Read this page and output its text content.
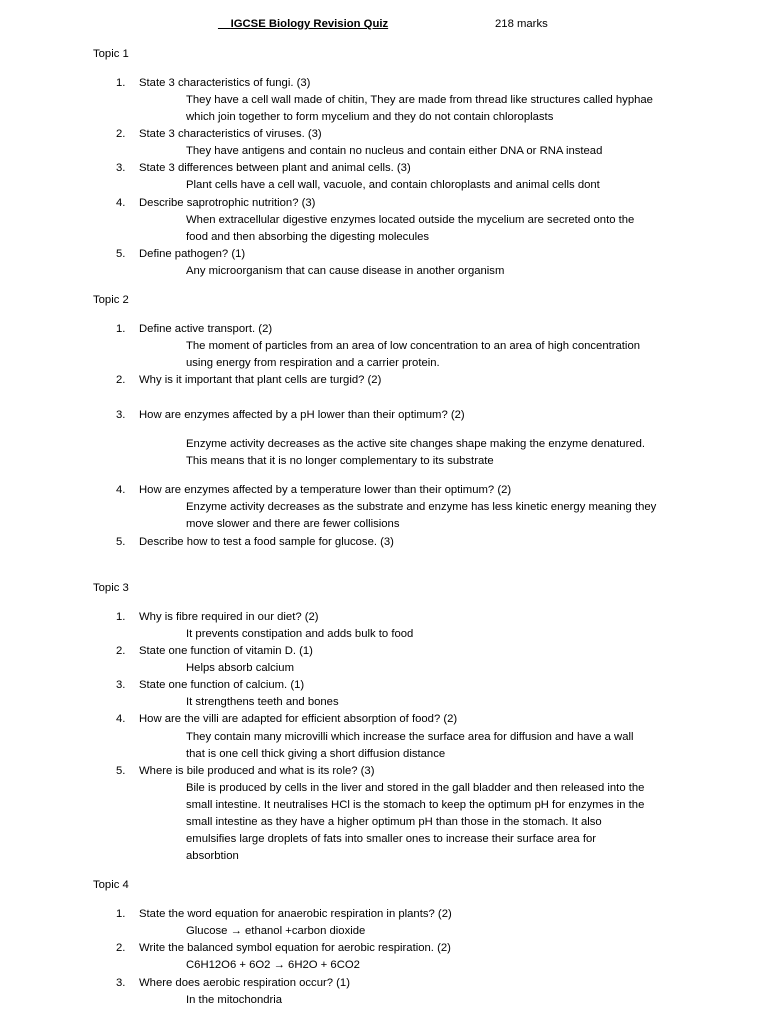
__IGCSE Biology Revision Quiz	218 marks
Topic 1
1. State 3 characteristics of fungi. (3)
They have a cell wall made of chitin, They are made from thread like structures called hyphae
which join together to form mycelium and they do not contain chloroplasts
2. State 3 characteristics of viruses. (3)
They have antigens and contain no nucleus and contain either DNA or RNA instead
3. State 3 differences between plant and animal cells. (3)
Plant cells have a cell wall, vacuole, and contain chloroplasts and animal cells dont
4. Describe saprotrophic nutrition? (3)
When extracellular digestive enzymes located outside the mycelium are secreted onto the
food and then absorbing the digesting molecules
5. Define pathogen? (1)
Any microorganism that can cause disease in another organism
Topic 2
1. Define active transport. (2)
The moment of particles from an area of low concentration to an area of high concentration
using energy from respiration and a carrier protein.
2. Why is it important that plant cells are turgid? (2)
3. How are enzymes affected by a pH lower than their optimum? (2)
Enzyme activity decreases as the active site changes shape making the enzyme denatured.
This means that it is no longer complementary to its substrate
4. How are enzymes affected by a temperature lower than their optimum? (2)
Enzyme activity decreases as the substrate and enzyme has less kinetic energy meaning they
move slower and there are fewer collisions
5. Describe how to test a food sample for glucose. (3)
Topic 3
1. Why is fibre required in our diet? (2)
It prevents constipation and adds bulk to food
2. State one function of vitamin D. (1)
Helps absorb calcium
3. State one function of calcium. (1)
It strengthens teeth and bones
4. How are the villi are adapted for efficient absorption of food? (2)
They contain many microvilli which increase the surface area for diffusion and have a wall
that is one cell thick giving a short diffusion distance
5. Where is bile produced and what is its role? (3)
Bile is produced by cells in the liver and stored in the gall bladder and then released into the
small intestine. It neutralises HCl is the stomach to keep the optimum pH for enzymes in the
small intestine as they have a higher optimum pH than those in the stomach. It also
emulsifies large droplets of fats into smaller ones to increase their surface area for
absorbtion
Topic 4
1. State the word equation for anaerobic respiration in plants? (2)
Glucose → ethanol +carbon dioxide
2. Write the balanced symbol equation for aerobic respiration. (2)
C6H12O6 + 6O2 → 6H2O + 6CO2
3. Where does aerobic respiration occur? (1)
In the mitochondria
